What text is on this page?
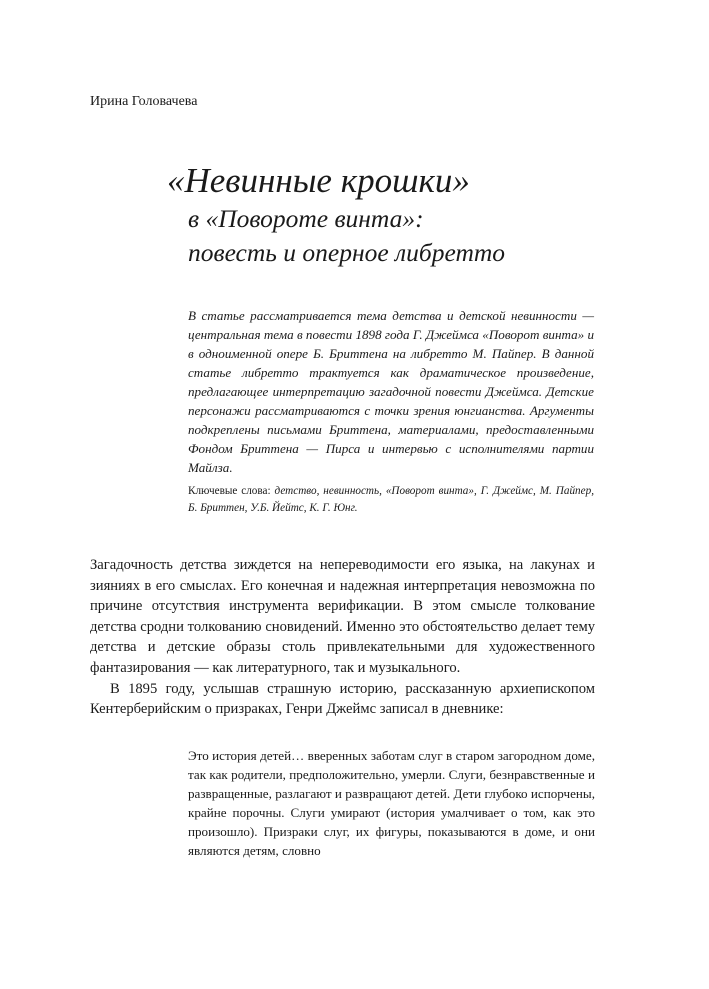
Ирина Головачева

«Невинные крошки»
в «Повороте винта»:
повесть и оперное либретто

В статье рассматривается тема детства и детской невинности — центральная тема в повести 1898 года Г. Джеймса «Поворот винта» и в одноименной опере Б. Бриттена на либретто М. Пайпер. В данной статье либретто трактуется как драматическое произведение, предлагающее интерпретацию загадочной повести Джеймса. Детские персонажи рассматриваются с точки зрения юнгианства. Аргументы подкреплены письмами Бриттена, материалами, предоставленными Фондом Бриттена — Пирса и интервью с исполнителями партии Майлза.

Ключевые слова: детство, невинность, «Поворот винта», Г. Джеймс, М. Пайпер, Б. Бриттен, У.Б. Йейтс, К. Г. Юнг.

Загадочность детства зиждется на непереводимости его языка, на лакунах и зияниях в его смыслах. Его конечная и надежная интерпретация невозможна по причине отсутствия инструмента верификации. В этом смысле толкование детства сродни толкованию сновидений. Именно это обстоятельство делает тему детства и детские образы столь привлекательными для художественного фантазирования — как литературного, так и музыкального.

В 1895 году, услышав страшную историю, рассказанную архиепископом Кентерберийским о призраках, Генри Джеймс записал в дневнике:

Это история детей… вверенных заботам слуг в старом загородном доме, так как родители, предположительно, умерли. Слуги, безнравственные и развращенные, разлагают и развращают детей. Дети глубоко испорчены, крайне порочны. Слуги умирают (история умалчивает о том, как это произошло). Призраки слуг, их фигуры, показываются в доме, и они являются детям, словно
